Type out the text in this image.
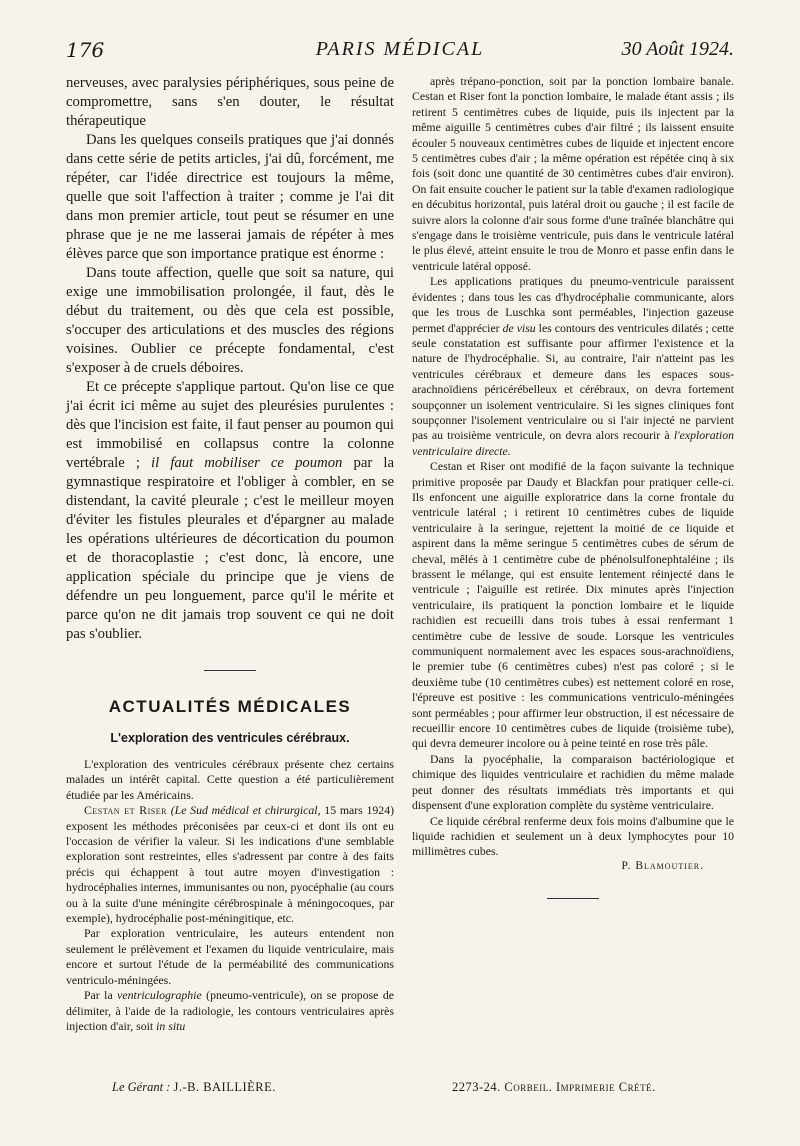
176	PARIS MÉDICAL	30 Août 1924.

nerveuses, avec paralysies périphériques, sous peine de compromettre, sans s'en douter, le résultat thérapeutique

Dans les quelques conseils pratiques que j'ai donnés dans cette série de petits articles, j'ai dû, forcément, me répéter, car l'idée directrice est toujours la même, quelle que soit l'affection à traiter ; comme je l'ai dit dans mon premier article, tout peut se résumer en une phrase que je ne me lasserai jamais de répéter à mes élèves parce que son importance pratique est énorme :

Dans toute affection, quelle que soit sa nature, qui exige une immobilisation prolongée, il faut, dès le début du traitement, ou dès que cela est possible, s'occuper des articulations et des muscles des régions voisines. Oublier ce précepte fondamental, c'est s'exposer à de cruels déboires.

Et ce précepte s'applique partout. Qu'on lise ce que j'ai écrit ici même au sujet des pleurésies purulentes : dès que l'incision est faite, il faut penser au poumon qui est immobilisé en collapsus contre la colonne vertébrale ; il faut mobiliser ce poumon par la gymnastique respiratoire et l'obliger à combler, en se distendant, la cavité pleurale ; c'est le meilleur moyen d'éviter les fistules pleurales et d'épargner au malade les opérations ultérieures de décortication du poumon et de thoracoplastie ; c'est donc, là encore, une application spéciale du principe que je viens de défendre un peu longuement, parce qu'il le mérite et parce qu'on ne dit jamais trop souvent ce qui ne doit pas s'oublier.

ACTUALITÉS MÉDICALES
L'exploration des ventricules cérébraux.

L'exploration des ventricules cérébraux présente chez certains malades un intérêt capital. Cette question a été particulièrement étudiée par les Américains.

Cestan et Riser (Le Sud médical et chirurgical, 15 mars 1924) exposent les méthodes préconisées par ceux-ci et dont ils ont eu l'occasion de vérifier la valeur. Si les indications d'une semblable exploration sont restreintes, elles s'adressent par contre à des faits précis qui échappent à tout autre moyen d'investigation : hydrocéphalies internes, immunisantes ou non, pyocéphalie (au cours ou à la suite d'une méningite cérébrospinale à méningocoques, par exemple), hydrocéphalie post-méningitique, etc.

Par exploration ventriculaire, les auteurs entendent non seulement le prélèvement et l'examen du liquide ventriculaire, mais encore et surtout l'étude de la perméabilité des communications ventriculo-méningées.

Par la ventriculographie (pneumo-ventricule), on se propose de délimiter, à l'aide de la radiologie, les contours ventriculaires après injection d'air, soit in situ

après trépano-ponction, soit par la ponction lombaire banale. Cestan et Riser font la ponction lombaire, le malade étant assis ; ils retirent 5 centimètres cubes de liquide, puis ils injectent par la même aiguille 5 centimètres cubes d'air filtré ; ils laissent ensuite écouler 5 nouveaux centimètres cubes de liquide et injectent encore 5 centimètres cubes d'air ; la même opération est répétée cinq à six fois (soit donc une quantité de 30 centimètres cubes d'air environ). On fait ensuite coucher le patient sur la table d'examen radiologique en décubitus horizontal, puis latéral droit ou gauche ; il est facile de suivre alors la colonne d'air sous forme d'une traînée blanchâtre qui s'engage dans le troisième ventricule, puis dans le ventricule latéral le plus élevé, atteint ensuite le trou de Monro et passe enfin dans le ventricule latéral opposé.

Les applications pratiques du pneumo-ventricule paraissent évidentes ; dans tous les cas d'hydrocéphalie communicante, alors que les trous de Luschka sont perméables, l'injection gazeuse permet d'apprécier de visu les contours des ventricules dilatés ; cette seule constatation est suffisante pour affirmer l'existence et la nature de l'hydrocéphalie. Si, au contraire, l'air n'atteint pas les ventricules cérébraux et demeure dans les espaces sous-arachnoïdiens péricérébelleux et cérébraux, on devra fortement soupçonner un isolement ventriculaire. Si les signes cliniques font soupçonner l'isolement ventriculaire ou si l'air injecté ne parvient pas au troisième ventricule, on devra alors recourir à l'exploration ventriculaire directe.

Cestan et Riser ont modifié de la façon suivante la technique primitive proposée par Daudy et Blackfan pour pratiquer celle-ci. Ils enfoncent une aiguille exploratrice dans la corne frontale du ventricule latéral ; i retirent 10 centimètres cubes de liquide ventriculaire à la seringue, rejettent la moitié de ce liquide et aspirent dans la même seringue 5 centimètres cubes de sérum de cheval, mêlés à 1 centimètre cube de phénolsulfonephtaléine ; ils brassent le mélange, qui est ensuite lentement réinjecté dans le ventricule ; l'aiguille est retirée. Dix minutes après l'injection ventriculaire, ils pratiquent la ponction lombaire et le liquide rachidien est recueilli dans trois tubes à essai renfermant 1 centimètre cube de lessive de soude. Lorsque les ventricules communiquent normalement avec les espaces sous-arachnoïdiens, le premier tube (6 centimètres cubes) n'est pas coloré ; si le deuxième tube (10 centimètres cubes) est nettement coloré en rose, l'épreuve est positive : les communications ventriculo-méningées sont perméables ; pour affirmer leur obstruction, il est nécessaire de recueillir encore 10 centimètres cubes de liquide (troisième tube), qui devra demeurer incolore ou à peine teinté en rose très pâle.

Dans la pyocéphalie, la comparaison bactériologique et chimique des liquides ventriculaire et rachidien du même malade peut donner des résultats immédiats très importants et qui dispensent d'une exploration complète du système ventriculaire.

Ce liquide cérébral renferme deux fois moins d'albumine que le liquide rachidien et seulement un à deux lymphocytes pour 10 millimètres cubes.

P. Blamoutier.

Le Gérant : J.-B. BAILLIÈRE.	2273-24. Corbeil. Imprimerie Crété.
